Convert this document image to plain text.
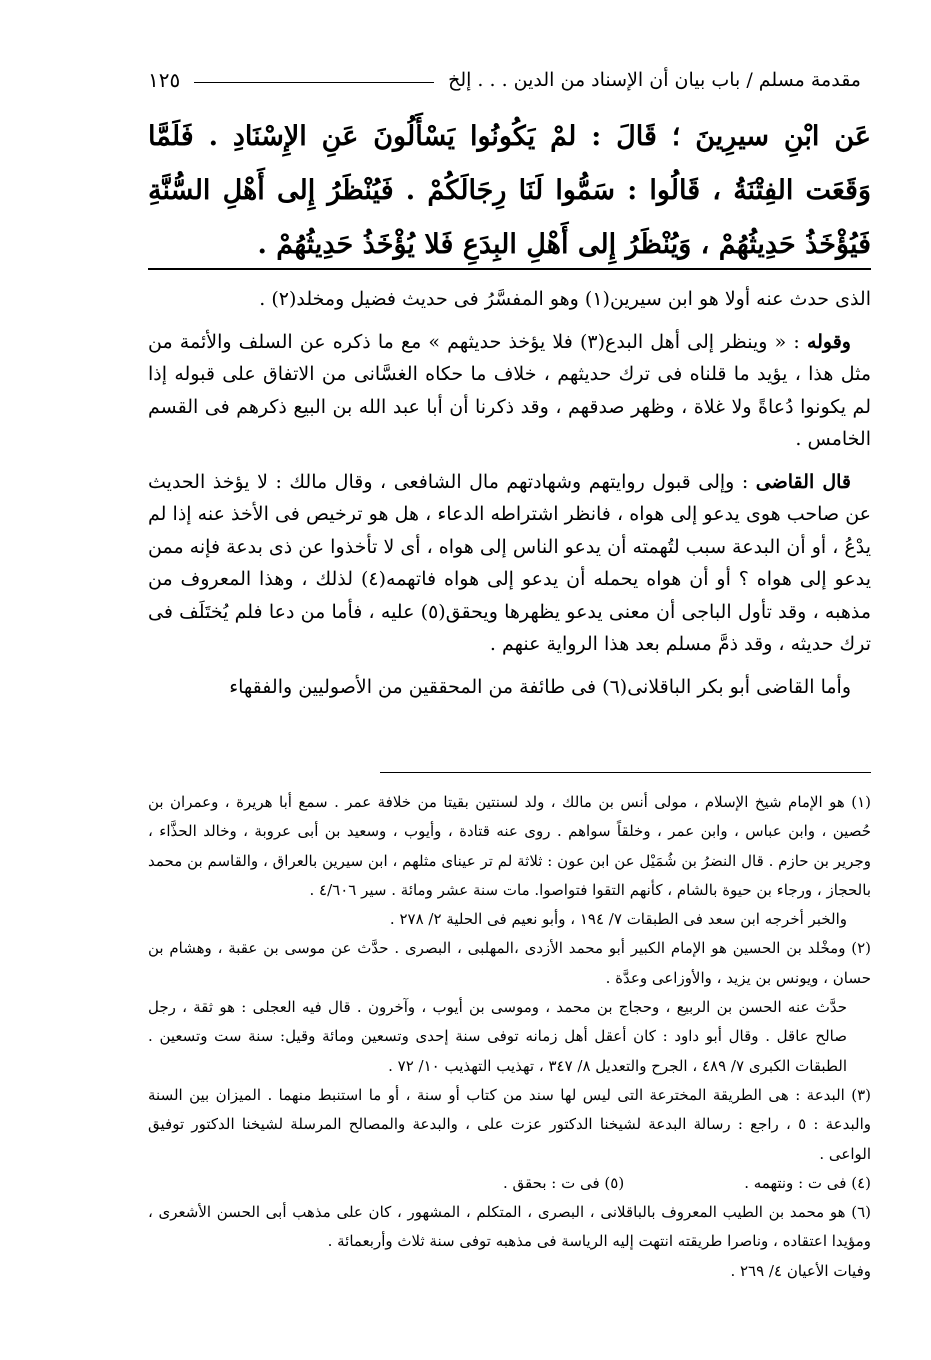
مقدمة مسلم / باب بيان أن الإسناد من الدين . . . إلخ
١٢٥

عَن ابْنِ سيرِينَ ؛ قَالَ : لمْ يَكُونُوا يَسْأَلُونَ عَنِ الإِسْنَادِ . فَلَمَّا وَقَعَت الفِتْنَةُ ، قَالُوا : سَمُّوا لَنَا رِجَالَكُمْ . فَيُنْظَرُ إِلى أَهْلِ السُّنَّةِ فَيُؤْخَذُ حَدِيثُهُمْ ، وَيُنْظَرُ إِلى أَهْلِ البِدَعِ فَلا يُؤْخَذُ حَدِيثُهُمْ .

الذى حدث عنه أولا هو ابن سيرين(١) وهو المفسَّرُ فى حديث فضيل ومخلد(٢) .

وقوله : « وينظر إلى أهل البدع(٣) فلا يؤخذ حديثهم » مع ما ذكره عن السلف والأئمة من مثل هذا ، يؤيد ما قلناه فى ترك حديثهم ، خلاف ما حكاه الغسَّانى من الاتفاق على قبوله إذا لم يكونوا دُعاةً ولا غلاة ، وظهر صدقهم ، وقد ذكرنا أن أبا عبد الله بن البيع ذكرهم فى القسم الخامس .

قال القاضى : وإلى قبول روايتهم وشهادتهم مال الشافعى ، وقال مالك : لا يؤخذ الحديث عن صاحب هوى يدعو إلى هواه ، فانظر اشتراطه الدعاء ، هل هو ترخيص فى الأخذ عنه إذا لم يدْعُ ، أو أن البدعة سبب لتُهمته أن يدعو الناس إلى هواه ، أى لا تأخذوا عن ذى بدعة فإنه ممن يدعو إلى هواه ؟ أو أن هواه يحمله أن يدعو إلى هواه فاتهمه(٤) لذلك ، وهذا المعروف من مذهبه ، وقد تأول الباجى أن معنى يدعو يظهرها ويحقق(٥) عليه ، فأما من دعا فلم يُختَلَف فى ترك حديثه ، وقد ذمَّ مسلم بعد هذا الرواية عنهم .

وأما القاضى أبو بكر الباقلانى(٦) فى طائفة من المحققين من الأصوليين والفقهاء

(١) هو الإمام شيخ الإسلام ، مولى أنس بن مالك ، ولد لسنتين بقيتا من خلافة عمر . سمع أبا هريرة ، وعمران بن حُصين ، وابن عباس ، وابن عمر ، وخلقاً سواهم . روى عنه قتادة ، وأيوب ، وسعيد بن أبى عروبة ، وخالد الحذَّاء ، وجرير بن حازم . قال النضرُ بن شُمَيْل عن ابن عون : ثلاثة لم تر عيناى مثلهم ، ابن سيرين بالعراق ، والقاسم بن محمد بالحجاز ، ورجاء بن حيوة بالشام ، كأنهم التقوا فتواصوا. مات سنة عشر ومائة . سير ٤/٦٠٦ .

والخبر أخرجه ابن سعد فى الطبقات ٧/ ١٩٤ ، وأبو نعيم فى الحلية ٢/ ٢٧٨ .

(٢) ومخْلد بن الحسين هو الإمام الكبير أبو محمد الأزدى ،المهلبى ، البصرى . حدَّث عن موسى بن عقبة ، وهشام بن حسان ، ويونس بن يزيد ، والأوزاعى وعدَّة .

حدَّث عنه الحسن بن الربيع ، وحجاج بن محمد ، وموسى بن أيوب ، وآخرون . قال فيه العجلى : هو ثقة ، رجل صالح عاقل . وقال أبو داود : كان أعقل أهل زمانه توفى سنة إحدى وتسعين ومائة وقيل: سنة ست وتسعين . الطبقات الكبرى ٧/ ٤٨٩ ، الجرح والتعديل ٨/ ٣٤٧ ، تهذيب التهذيب ١٠/ ٧٢ .

(٣) البدعة : هى الطريقة المخترعة التى ليس لها سند من كتاب أو سنة ، أو ما استنبط منهما . الميزان بين السنة والبدعة : ٥ ، راجع : رسالة البدعة لشيخنا الدكتور عزت على ، والبدعة والمصالح المرسلة لشيخنا الدكتور توفيق الواعى .

(٤) فى ت : ونتهمه .
(٥) فى ت : بحقق .

(٦) هو محمد بن الطيب المعروف بالباقلانى ، البصرى ، المتكلم ، المشهور ، كان على مذهب أبى الحسن الأشعرى ، ومؤيدا اعتقاده ، وناصرا طريقته انتهت إليه الرياسة فى مذهبه توفى سنة ثلاث وأربعمائة .

وفيات الأعيان ٤/ ٢٦٩ .
